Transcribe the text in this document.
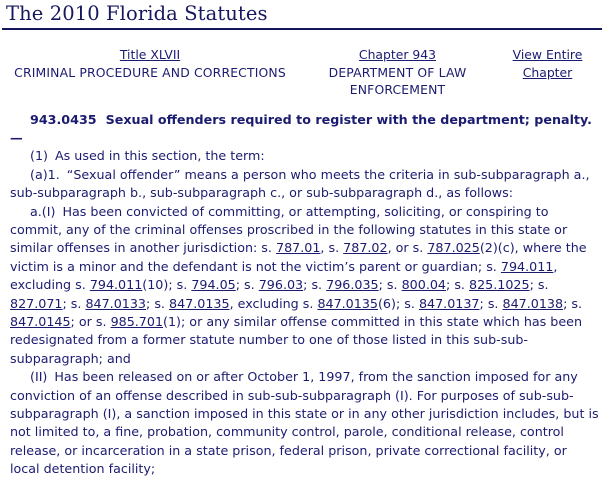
The 2010 Florida Statutes
Title XLVII
CRIMINAL PROCEDURE AND CORRECTIONS
	Chapter 943
DEPARTMENT OF LAW ENFORCEMENT
	View Entire Chapter

943.0435 Sexual offenders required to register with the department; penalty.—

(1) As used in this section, the term:

(a)1. “Sexual offender” means a person who meets the criteria in sub-subparagraph a., sub-subparagraph b., sub-subparagraph c., or sub-subparagraph d., as follows:

a.(I) Has been convicted of committing, or attempting, soliciting, or conspiring to commit, any of the criminal offenses proscribed in the following statutes in this state or similar offenses in another jurisdiction: s. 787.01, s. 787.02, or s. 787.025(2)(c), where the victim is a minor and the defendant is not the victim’s parent or guardian; s. 794.011, excluding s. 794.011(10); s. 794.05; s. 796.03; s. 796.035; s. 800.04; s. 825.1025; s. 827.071; s. 847.0133; s. 847.0135, excluding s. 847.0135(6); s. 847.0137; s. 847.0138; s. 847.0145; or s. 985.701(1); or any similar offense committed in this state which has been redesignated from a former statute number to one of those listed in this sub-sub-subparagraph; and

(II) Has been released on or after October 1, 1997, from the sanction imposed for any conviction of an offense described in sub-sub-subparagraph (I). For purposes of sub-sub-subparagraph (I), a sanction imposed in this state or in any other jurisdiction includes, but is not limited to, a fine, probation, community control, parole, conditional release, control release, or incarceration in a state prison, federal prison, private correctional facility, or local detention facility;
